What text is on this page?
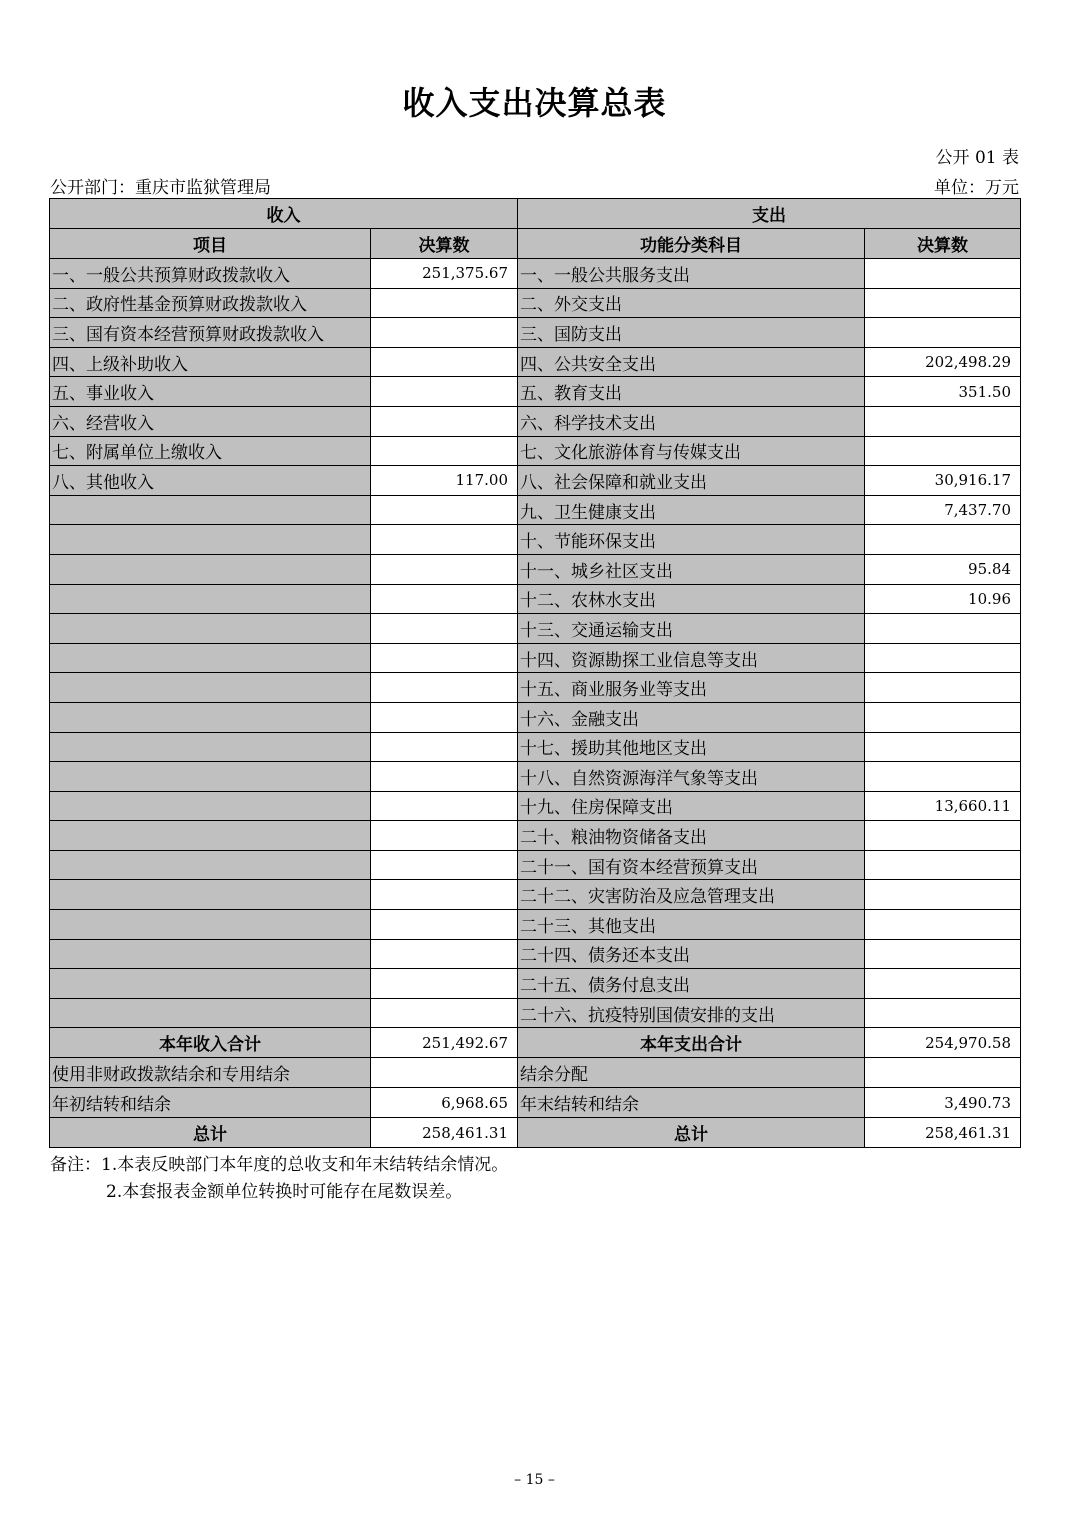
收入支出决算总表
公开 01 表
公开部门：重庆市监狱管理局	单位：万元
收入		支出	
项目	决算数	功能分类科目	决算数
一、一般公共预算财政拨款收入	251,375.67	一、一般公共服务支出	
二、政府性基金预算财政拨款收入		二、外交支出	
三、国有资本经营预算财政拨款收入		三、国防支出	
四、上级补助收入		四、公共安全支出	202,498.29
五、事业收入		五、教育支出	351.50
六、经营收入		六、科学技术支出	
七、附属单位上缴收入		七、文化旅游体育与传媒支出	
八、其他收入	117.00	八、社会保障和就业支出	30,916.17
		九、卫生健康支出	7,437.70
		十、节能环保支出	
		十一、城乡社区支出	95.84
		十二、农林水支出	10.96
		十三、交通运输支出	
		十四、资源勘探工业信息等支出	
		十五、商业服务业等支出	
		十六、金融支出	
		十七、援助其他地区支出	
		十八、自然资源海洋气象等支出	
		十九、住房保障支出	13,660.11
		二十、粮油物资储备支出	
		二十一、国有资本经营预算支出	
		二十二、灾害防治及应急管理支出	
		二十三、其他支出	
		二十四、债务还本支出	
		二十五、债务付息支出	
		二十六、抗疫特别国债安排的支出	
本年收入合计	251,492.67	本年支出合计	254,970.58
使用非财政拨款结余和专用结余		结余分配	
年初结转和结余	6,968.65	年末结转和结余	3,490.73
总计	258,461.31	总计	258,461.31
备注：1.本表反映部门本年度的总收支和年末结转结余情况。
2.本套报表金额单位转换时可能存在尾数误差。
– 15 –
